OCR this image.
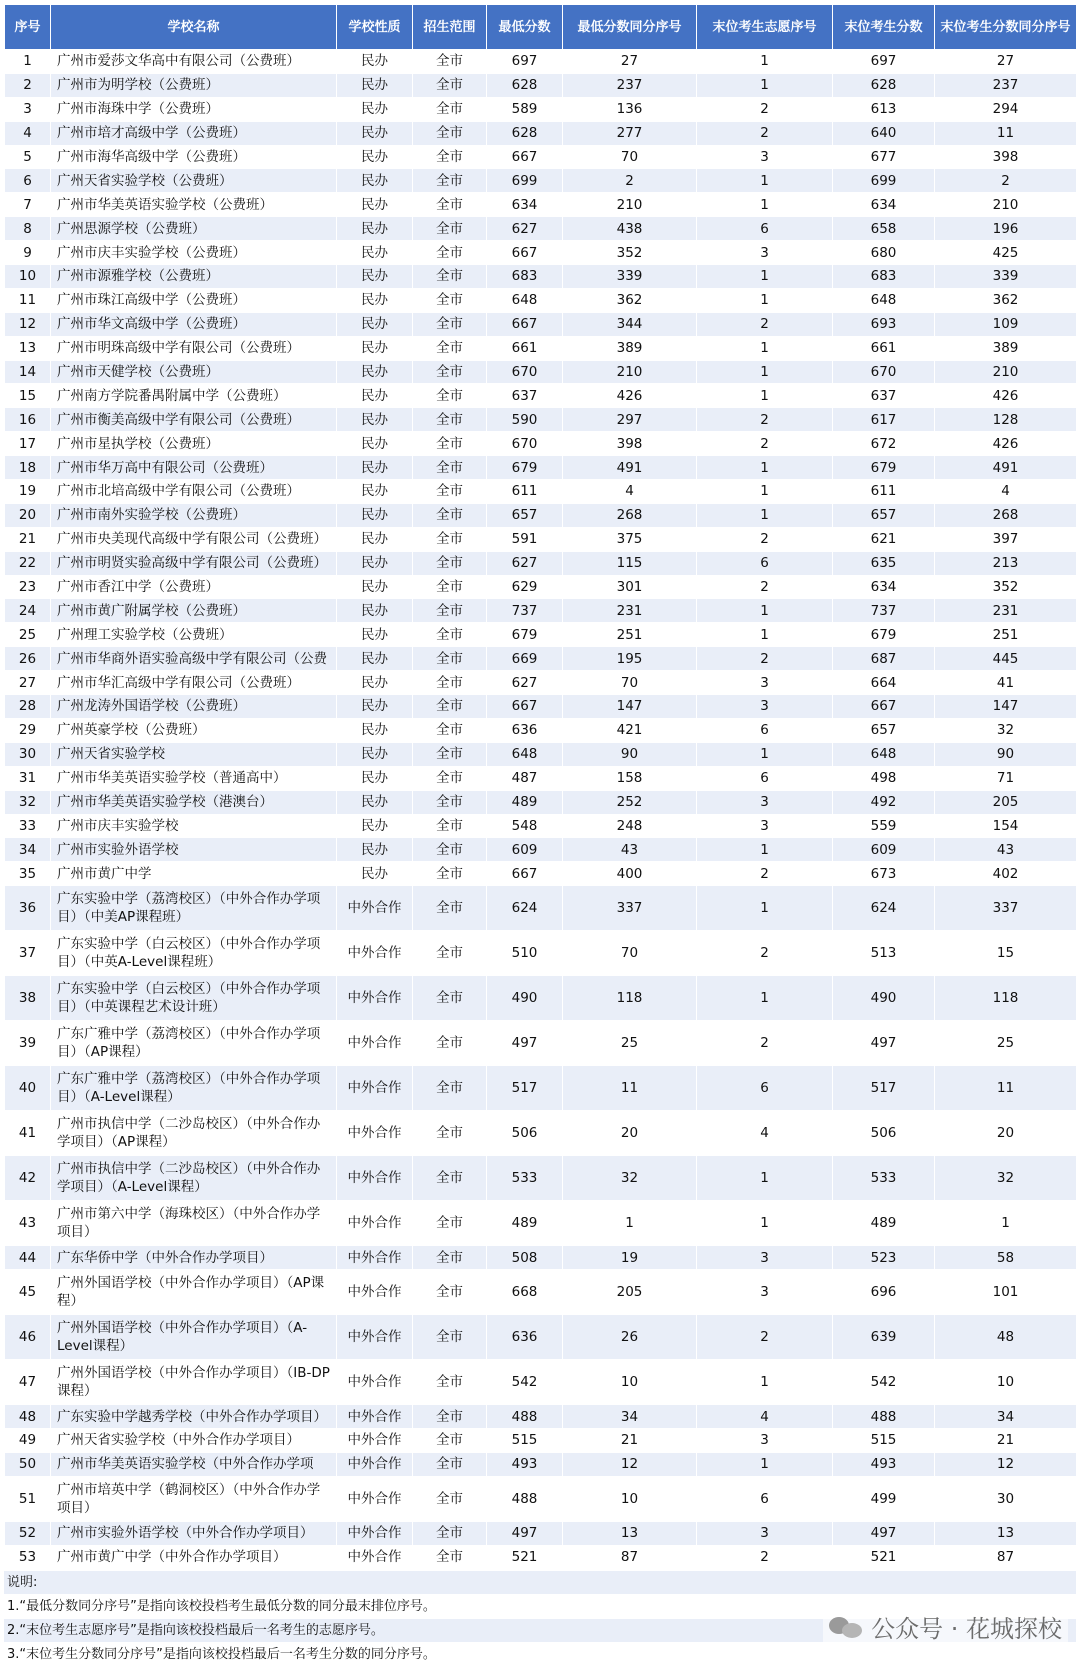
序号	学校名称	学校性质	招生范围	最低分数	最低分数同分序号	末位考生志愿序号	末位考生分数	末位考生分数同分序号
1	广州市爱莎文华高中有限公司（公费班）	民办	全市	697	27	1	697	27
2	广州市为明学校（公费班）	民办	全市	628	237	1	628	237
3	广州市海珠中学（公费班）	民办	全市	589	136	2	613	294
4	广州市培才高级中学（公费班）	民办	全市	628	277	2	640	11
5	广州市海华高级中学（公费班）	民办	全市	667	70	3	677	398
6	广州天省实验学校（公费班）	民办	全市	699	2	1	699	2
7	广州市华美英语实验学校（公费班）	民办	全市	634	210	1	634	210
8	广州思源学校（公费班）	民办	全市	627	438	6	658	196
9	广州市庆丰实验学校（公费班）	民办	全市	667	352	3	680	425
10	广州市源雅学校（公费班）	民办	全市	683	339	1	683	339
11	广州市珠江高级中学（公费班）	民办	全市	648	362	1	648	362
12	广州市华文高级中学（公费班）	民办	全市	667	344	2	693	109
13	广州市明珠高级中学有限公司（公费班）	民办	全市	661	389	1	661	389
14	广州市天健学校（公费班）	民办	全市	670	210	1	670	210
15	广州南方学院番禺附属中学（公费班）	民办	全市	637	426	1	637	426
16	广州市衡美高级中学有限公司（公费班）	民办	全市	590	297	2	617	128
17	广州市星执学校（公费班）	民办	全市	670	398	2	672	426
18	广州市华万高中有限公司（公费班）	民办	全市	679	491	1	679	491
19	广州市北培高级中学有限公司（公费班）	民办	全市	611	4	1	611	4
20	广州市南外实验学校（公费班）	民办	全市	657	268	1	657	268
21	广州市央美现代高级中学有限公司（公费班）	民办	全市	591	375	2	621	397
22	广州市明贤实验高级中学有限公司（公费班）	民办	全市	627	115	6	635	213
23	广州市香江中学（公费班）	民办	全市	629	301	2	634	352
24	广州市黄广附属学校（公费班）	民办	全市	737	231	1	737	231
25	广州理工实验学校（公费班）	民办	全市	679	251	1	679	251
26	广州市华商外语实验高级中学有限公司（公费	民办	全市	669	195	2	687	445
27	广州市华汇高级中学有限公司（公费班）	民办	全市	627	70	3	664	41
28	广州龙涛外国语学校（公费班）	民办	全市	667	147	3	667	147
29	广州英豪学校（公费班）	民办	全市	636	421	6	657	32
30	广州天省实验学校	民办	全市	648	90	1	648	90
31	广州市华美英语实验学校（普通高中）	民办	全市	487	158	6	498	71
32	广州市华美英语实验学校（港澳台）	民办	全市	489	252	3	492	205
33	广州市庆丰实验学校	民办	全市	548	248	3	559	154
34	广州市实验外语学校	民办	全市	609	43	1	609	43
35	广州市黄广中学	民办	全市	667	400	2	673	402
36	广东实验中学（荔湾校区）（中外合作办学项目）（中美AP课程班）	中外合作	全市	624	337	1	624	337
37	广东实验中学（白云校区）（中外合作办学项目）（中英A-Level课程班）	中外合作	全市	510	70	2	513	15
38	广东实验中学（白云校区）（中外合作办学项目）（中英课程艺术设计班）	中外合作	全市	490	118	1	490	118
39	广东广雅中学（荔湾校区）（中外合作办学项目）（AP课程）	中外合作	全市	497	25	2	497	25
40	广东广雅中学（荔湾校区）（中外合作办学项目）（A-Level课程）	中外合作	全市	517	11	6	517	11
41	广州市执信中学（二沙岛校区）（中外合作办学项目）（AP课程）	中外合作	全市	506	20	4	506	20
42	广州市执信中学（二沙岛校区）（中外合作办学项目）（A-Level课程）	中外合作	全市	533	32	1	533	32
43	广州市第六中学（海珠校区）（中外合作办学项目）	中外合作	全市	489	1	1	489	1
44	广东华侨中学（中外合作办学项目）	中外合作	全市	508	19	3	523	58
45	广州外国语学校（中外合作办学项目）（AP课程）	中外合作	全市	668	205	3	696	101
46	广州外国语学校（中外合作办学项目）（A-Level课程）	中外合作	全市	636	26	2	639	48
47	广州外国语学校（中外合作办学项目）（IB-DP课程）	中外合作	全市	542	10	1	542	10
48	广东实验中学越秀学校（中外合作办学项目）	中外合作	全市	488	34	4	488	34
49	广州天省实验学校（中外合作办学项目）	中外合作	全市	515	21	3	515	21
50	广州市华美英语实验学校（中外合作办学项	中外合作	全市	493	12	1	493	12
51	广州市培英中学（鹤洞校区）（中外合作办学项目）	中外合作	全市	488	10	6	499	30
52	广州市实验外语学校（中外合作办学项目）	中外合作	全市	497	13	3	497	13
53	广州市黄广中学（中外合作办学项目）	中外合作	全市	521	87	2	521	87
说明:
1.“最低分数同分序号”是指向该校投档考生最低分数的同分最末排位序号。
2.“末位考生志愿序号”是指向该校投档最后一名考生的志愿序号。
3.“末位考生分数同分序号”是指向该校投档最后一名考生分数的同分序号。
公众号 · 花城探校
